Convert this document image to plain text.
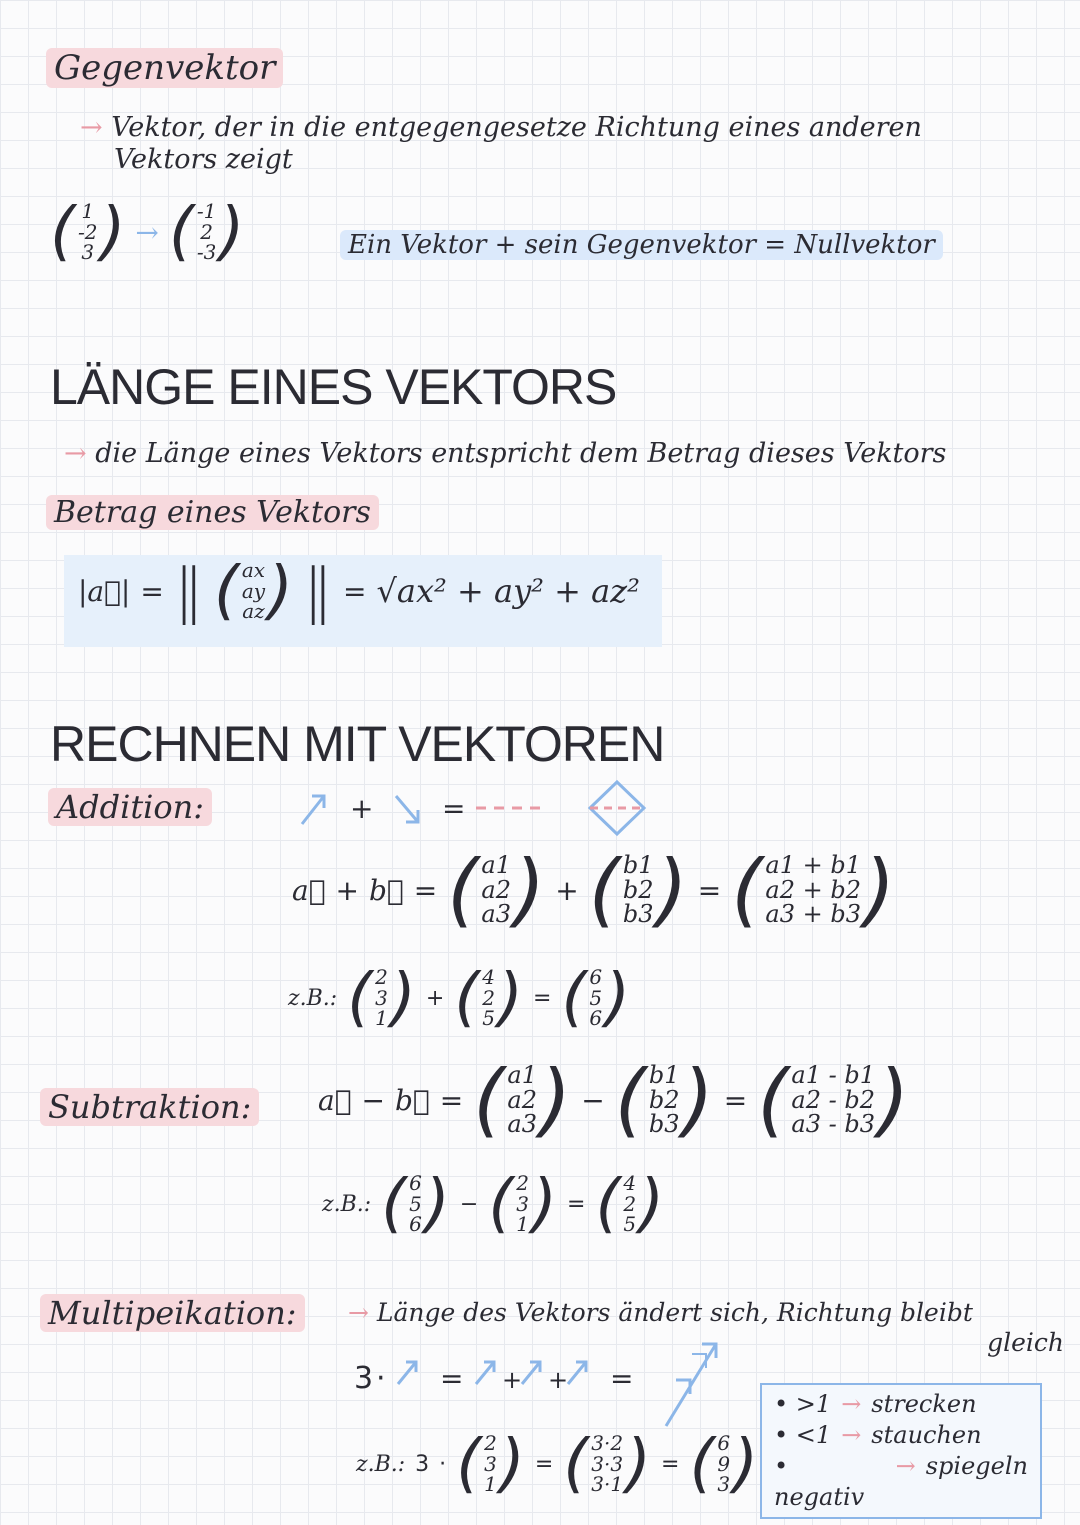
Gegenvektor
→ Vektor, der in die entgegengesetze Richtung eines anderen
Vektors zeigt
( 1
-2
3 ) → ( -1
2
-3 )	Ein Vektor + sein Gegenvektor = Nullvektor
LÄNGE EINES VEKTORS
→ die Länge eines Vektors entspricht dem Betrag dieses Vektors
Betrag eines Vektors
|a⃗| = ‖ ( ax
ay
az ) ‖ = √ax² + ay² + az²
RECHNEN MIT VEKTOREN
Addition:	+ =
a⃗ + b⃗ = ( a1
a2
a3 ) + ( b1
b2
b3 ) = ( a1 + b1
a2 + b2
a3 + b3 )
z.B.: ( 2
3
1 ) + ( 4
2
5 ) = ( 6
5
6 )
Subtraktion: a⃗ − b⃗ = ( a1
a2
a3 ) − ( b1
b2
b3 ) = ( a1 - b1
a2 - b2
a3 - b3 )
z.B.: ( 6
5
6 ) − ( 2
3
1 ) = ( 4
2
5 )
Multipeikation:	→ Länge des Vektors ändert sich, Richtung bleibt
gleich
3 · = + + =
z.B.: 3 · ( 2
3
1 ) = ( 3·2
3·3
3·1 ) = ( 6
9
3 )
• >1 → strecken
• <1 → stauchen
• negativ
→ spiegeln
